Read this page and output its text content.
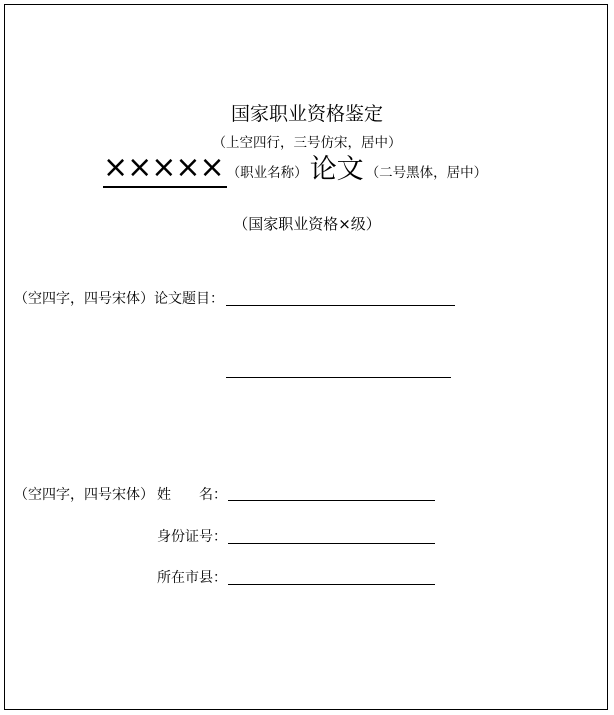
国家职业资格鉴定
（上空四行，三号仿宋，居中）
××××× （职业名称） 论文 （二号黑体，居中）
（国家职业资格×级）
（空四字，四号宋体）论文题目：
（空四字，四号宋体） 姓　　名：
身份证号：
所在市县：
